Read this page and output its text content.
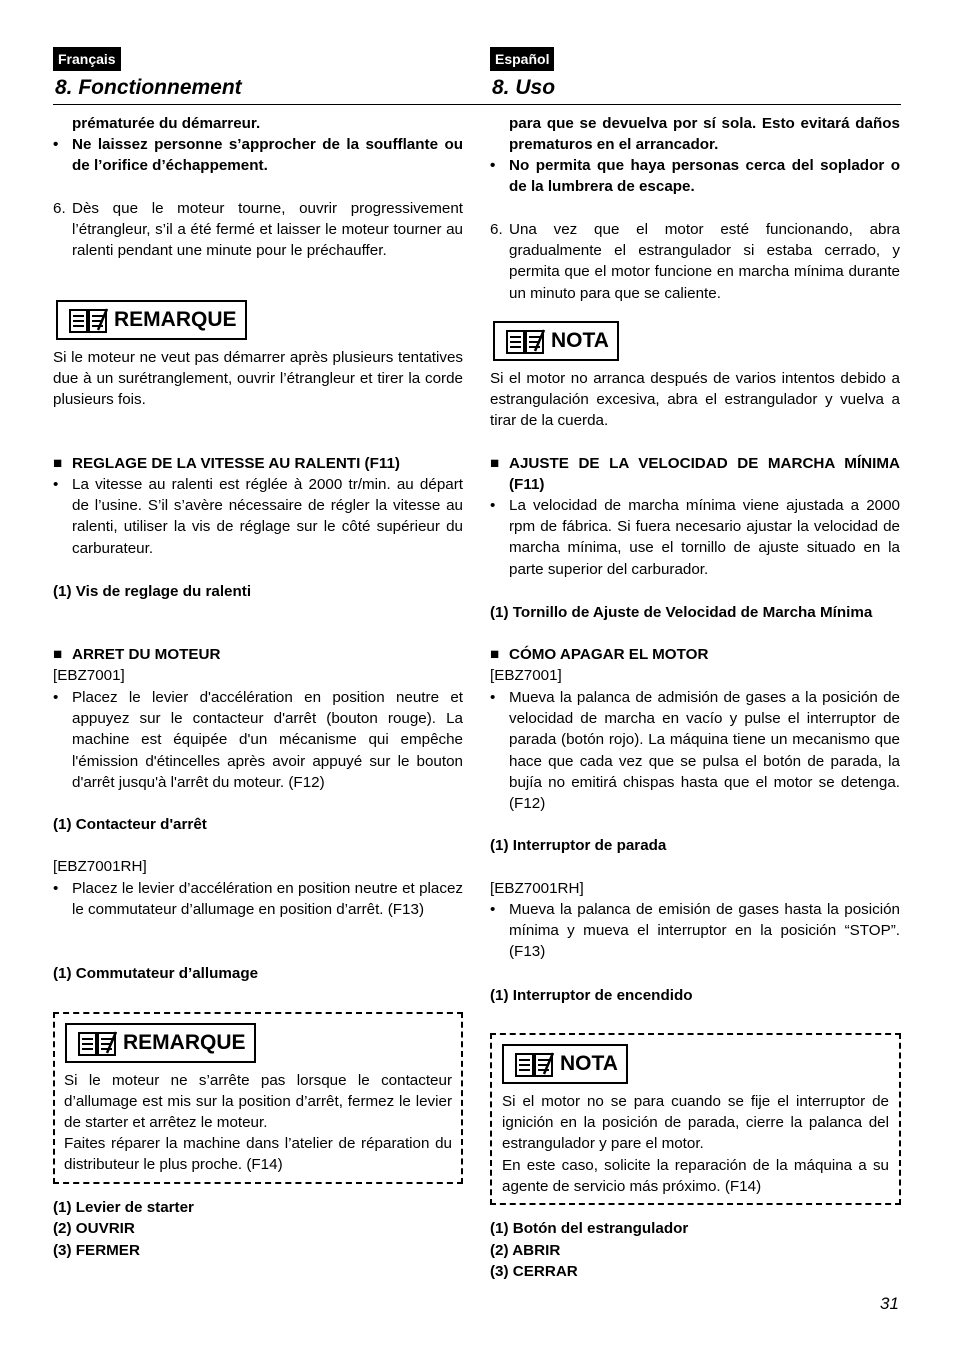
Français	Español
8. Fonctionnement	8. Uso
prématurée du démarreur.
• Ne laissez personne s’approcher de la soufflante ou de l’orifice d’échappement.
6. Dès que le moteur tourne, ouvrir progressivement l’étrangleur, s’il a été fermé et laisser le moteur tourner au ralenti pendant une minute pour le préchauffer.
REMARQUE
Si le moteur ne veut pas démarrer après plusieurs tentatives due à un surétranglement, ouvrir l’étrangleur et tirer la corde plusieurs fois.
■ REGLAGE DE LA VITESSE AU RALENTI (F11)
• La vitesse au ralenti est réglée à 2000 tr/min. au départ de l’usine. S’il s’avère nécessaire de régler la vitesse au ralenti, utiliser la vis de réglage sur le côté supérieur du carburateur.
(1) Vis de reglage du ralenti
■ ARRET DU MOTEUR
[EBZ7001]
• Placez le levier d'accélération en position neutre et appuyez sur le contacteur d'arrêt (bouton rouge). La machine est équipée d'un mécanisme qui empêche l'émission d'étincelles après avoir appuyé sur le bouton d'arrêt jusqu'à l'arrêt du moteur. (F12)
(1) Contacteur d'arrêt
[EBZ7001RH]
• Placez le levier d’accélération en position neutre et placez le commutateur d’allumage en position d’arrêt. (F13)
(1) Commutateur d’allumage
REMARQUE
Si le moteur ne s’arrête pas lorsque le contacteur d’allumage est mis sur la position d’arrêt, fermez le levier de starter et arrêtez le moteur.
Faites réparer la machine dans l’atelier de réparation du distributeur le plus proche. (F14)
(1) Levier de starter
(2) OUVRIR
(3) FERMER
para que se devuelva por sí sola. Esto evitará daños prematuros en el arrancador.
• No permita que haya personas cerca del soplador o de la lumbrera de escape.
6. Una vez que el motor esté funcionando, abra gradualmente el estrangulador si estaba cerrado, y permita que el motor funcione en marcha mínima durante un minuto para que se caliente.
NOTA
Si el motor no arranca después de varios intentos debido a estrangulación excesiva, abra el estrangulador y vuelva a tirar de la cuerda.
■ AJUSTE DE LA VELOCIDAD DE MARCHA MÍNIMA (F11)
• La velocidad de marcha mínima viene ajustada a 2000 rpm de fábrica. Si fuera necesario ajustar la velocidad de marcha mínima, use el tornillo de ajuste situado en la parte superior del carburador.
(1) Tornillo de Ajuste de Velocidad de Marcha Mínima
■ CÓMO APAGAR EL MOTOR
[EBZ7001]
• Mueva la palanca de admisión de gases a la posición de velocidad de marcha en vacío y pulse el interruptor de parada (botón rojo). La máquina tiene un mecanismo que hace que cada vez que se pulsa el botón de parada, la bujía no emitirá chispas hasta que el motor se detenga. (F12)
(1) Interruptor de parada
[EBZ7001RH]
• Mueva la palanca de emisión de gases hasta la posición mínima y mueva el interruptor en la posición “STOP”. (F13)
(1) Interruptor de encendido
NOTA
Si el motor no se para cuando se fije el interruptor de ignición en la posición de parada, cierre la palanca del estrangulador y pare el motor.
En este caso, solicite la reparación de la máquina a su agente de servicio más próximo. (F14)
(1) Botón del estrangulador
(2) ABRIR
(3) CERRAR
31
